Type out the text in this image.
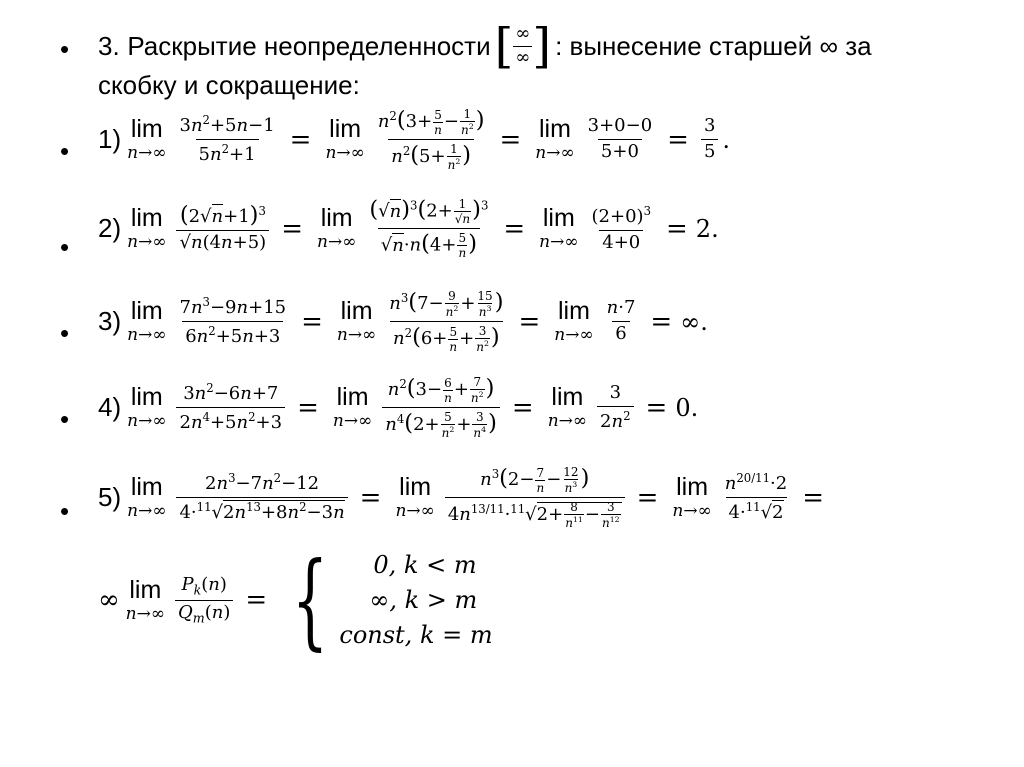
• 3.
Раскрытие неопределенности [ ∞
∞ ] : вынесение старшей ∞ за
скобку и сокращение:
• 1) lim
$n\to\infty \frac{3n^2+5n-1}{5n^2+1} = \lim$
$n\to\infty \frac{n^2(3+ \frac{5}{n} - \frac{1}{n^2} )}{n^2(5+ \frac{1}{n^2} )} = \lim$
$n\to\infty \frac{3+0-0}{5+0} = \frac{3}{5}$ .
•
2) lim
$n\to\infty \frac{(2√n+1)^3}{√n(4n+5)} = \lim$
$n\to\infty \frac{(√n)^3(2+ \frac{1}{√n} )^3}{√n\cdot n(4+ \frac{5}{n} )} = \lim$
$n\to\infty \frac{(2+0)^3}{4+0} = 2$ .
• 3) lim
$n\to\infty \frac{7n^3-9n+15}{6n^2+5n+3} = \lim$
$n\to\infty \frac{n^3(7- \frac{9}{n^2} + \frac{15}{n^3} )}{n^2(6+ \frac{5}{n} + \frac{3}{n^2} )} = \lim$
$n\to\infty \frac{n\cdot 7}{6}$ = ∞ .
• 4) lim
$n\to\infty \frac{3n^2-6n+7}{2n^4+5n^2+3} = \lim$
$n\to\infty \frac{n^2(3- \frac{6}{n} + \frac{7}{n^2} )}{n^4(2+ \frac{5}{n^2} + \frac{3}{n^4} )} = \lim$
$n\to\infty \frac{3}{2n^2} = 0$ .
• 5) lim
$n\to\infty \frac{2n^3-7n^2-12}{4\cdot^{11}√2n^{13}+8n^2-3n} = \lim$
$n\to\infty \frac{n^3(2- \frac{7}{n} - \frac{12}{n^3} )}{4n^{13/11}\cdot^{11}√2+ \frac{8}{n^{11}} - \frac{3}{n^{12}}} = \lim$
$n\to\infty \frac{n^{20/11}\cdot 2}{4\cdot^{11}√2}$ =
∞ lim
$n\to\infty \frac{P_k(n)}{Q_m(n)}$ = { 0, k < m
∞, k > m
const, k = m
